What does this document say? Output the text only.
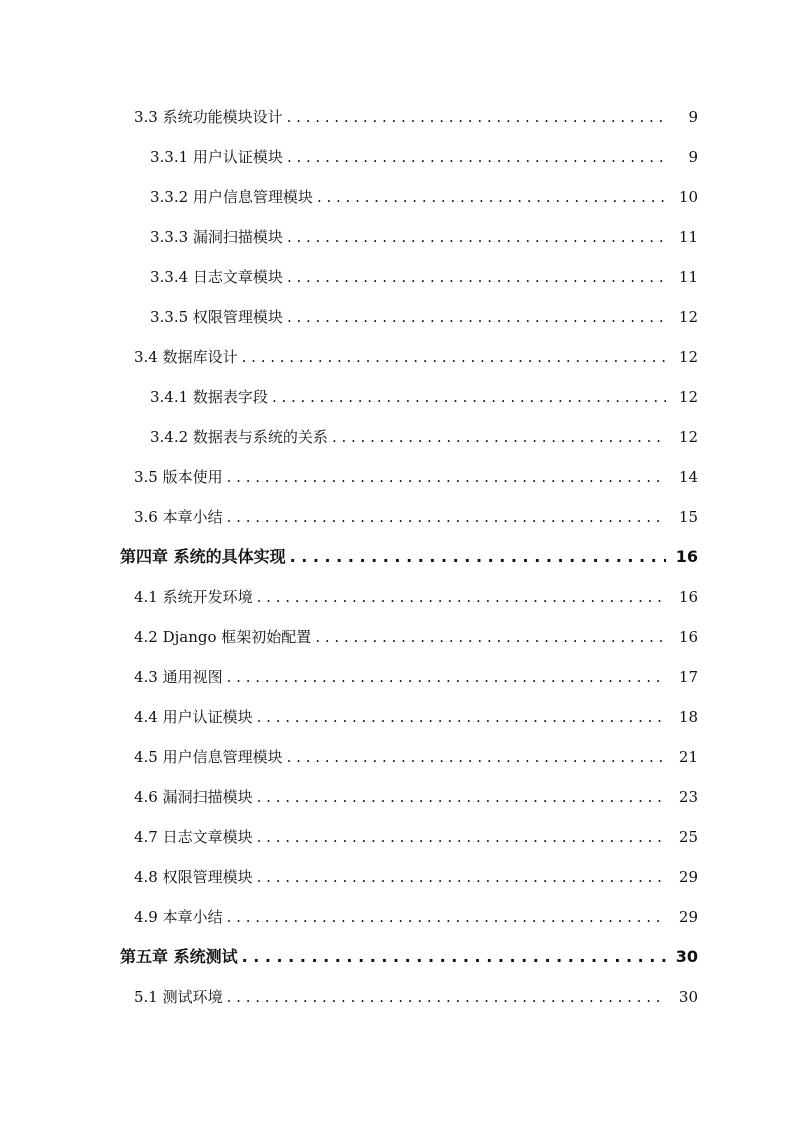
3.3 系统功能模块设计 . . .	9
3.3.1 用户认证模块 . . .	9
3.3.2 用户信息管理模块 . . .	10
3.3.3 漏洞扫描模块 . . .	11
3.3.4 日志文章模块 . . .	11
3.3.5 权限管理模块 . . .	12
3.4 数据库设计 . . .	12
3.4.1 数据表字段 . . .	12
3.4.2 数据表与系统的关系 . . .	12
3.5 版本使用 . . .	14
3.6 本章小结 . . .	15
第四章 系统的具体实现 . . .	16
4.1 系统开发环境 . . .	16
4.2 Django 框架初始配置 . . .	16
4.3 通用视图 . . .	17
4.4 用户认证模块 . . .	18
4.5 用户信息管理模块 . . .	21
4.6 漏洞扫描模块 . . .	23
4.7 日志文章模块 . . .	25
4.8 权限管理模块 . . .	29
4.9 本章小结 . . .	29
第五章 系统测试 . . .	30
5.1 测试环境 . . .	30
